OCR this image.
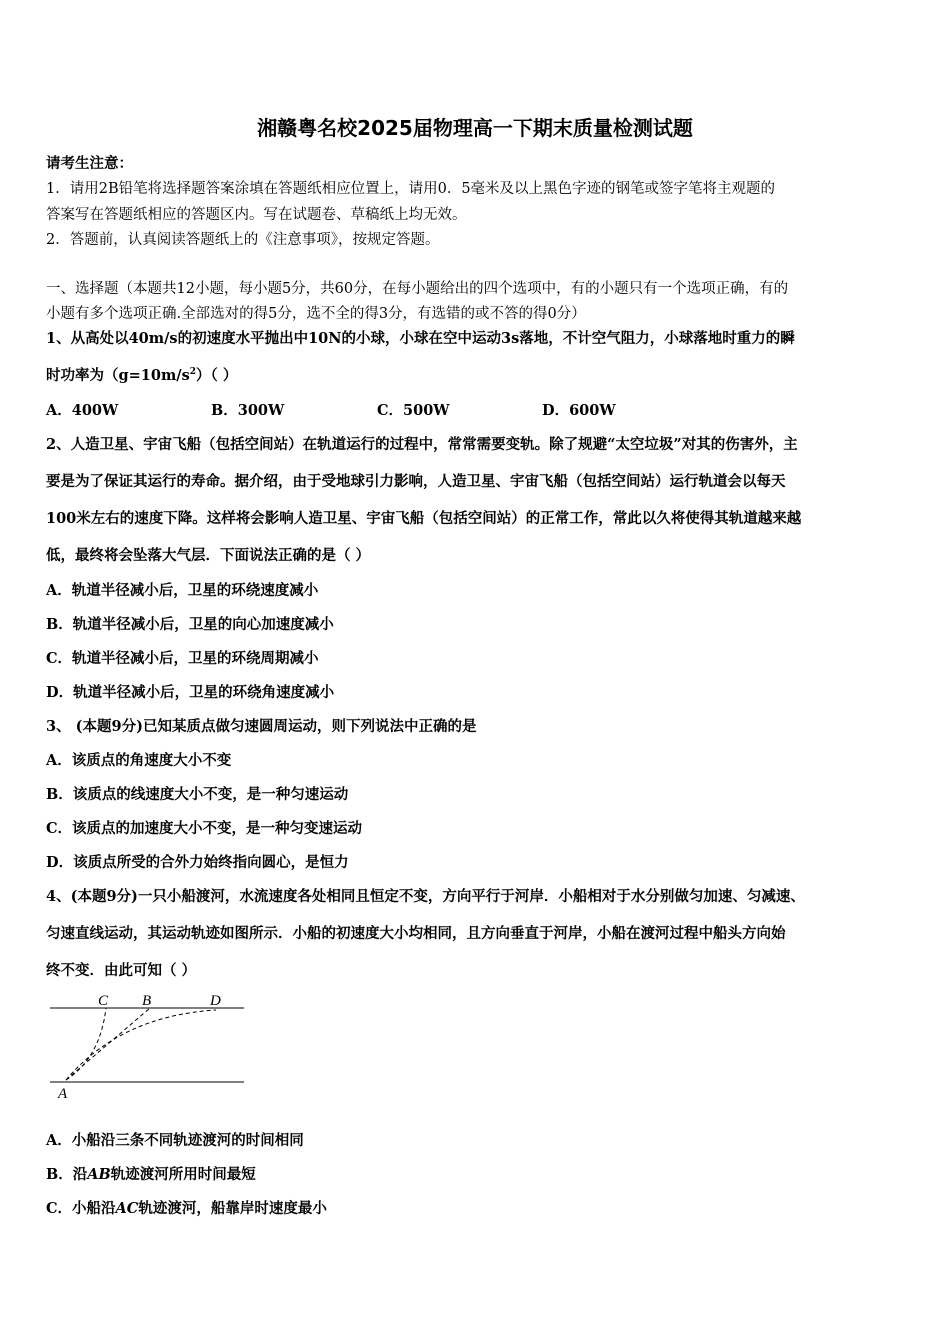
湘赣粤名校2025届物理高一下期末质量检测试题
请考生注意：
1．请用2B铅笔将选择题答案涂填在答题纸相应位置上，请用0．5毫米及以上黑色字迹的钢笔或签字笔将主观题的
答案写在答题纸相应的答题区内。写在试题卷、草稿纸上均无效。
2．答题前，认真阅读答题纸上的《注意事项》，按规定答题。
一、选择题（本题共12小题，每小题5分，共60分，在每小题给出的四个选项中，有的小题只有一个选项正确，有的
小题有多个选项正确.全部选对的得5分，选不全的得3分，有选错的或不答的得0分）
1、从高处以40m/s的初速度水平抛出中10N的小球，小球在空中运动3s落地，不计空气阻力，小球落地时重力的瞬
时功率为$(g=10m/s^2)$（ ）
A．400W	B．300W	C．500W	D．600W
2、人造卫星、宇宙飞船（包括空间站）在轨道运行的过程中，常常需要变轨。除了规避“太空垃圾”对其的伤害外，主
要是为了保证其运行的寿命。据介绍，由于受地球引力影响，人造卫星、宇宙飞船（包括空间站）运行轨道会以每天
100米左右的速度下降。这样将会影响人造卫星、宇宙飞船（包括空间站）的正常工作，常此以久将使得其轨道越来越
低，最终将会坠落大气层．下面说法正确的是（ ）
A．轨道半径减小后，卫星的环绕速度减小
B．轨道半径减小后，卫星的向心加速度减小
C．轨道半径减小后，卫星的环绕周期减小
D．轨道半径减小后，卫星的环绕角速度减小
3、 (本题9分)已知某质点做匀速圆周运动，则下列说法中正确的是
A．该质点的角速度大小不变
B．该质点的线速度大小不变，是一种匀速运动
C．该质点的加速度大小不变，是一种匀变速运动
D．该质点所受的合外力始终指向圆心，是恒力
4、(本题9分)一只小船渡河，水流速度各处相同且恒定不变，方向平行于河岸．小船相对于水分别做匀加速、匀减速、
匀速直线运动，其运动轨迹如图所示．小船的初速度大小均相同，且方向垂直于河岸，小船在渡河过程中船头方向始
终不变．由此可知（ ）
C B	D
A
A．小船沿三条不同轨迹渡河的时间相同
B．沿AB轨迹渡河所用时间最短
C．小船沿AC轨迹渡河，船靠岸时速度最小
